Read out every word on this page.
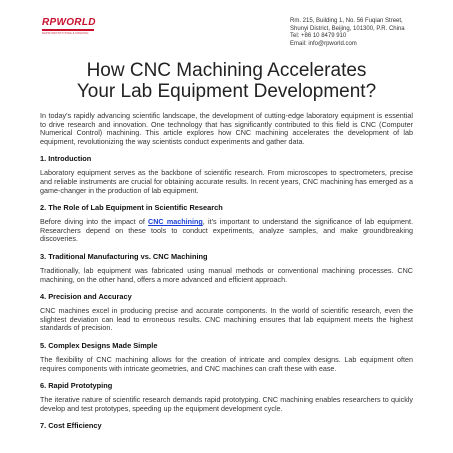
RPWORLD
RAPID PROTOTYPING & MOLDING
Rm. 215, Building 1, No. 56 Fuqian Street,
Shunyi District, Beijing, 101300, P.R. China
Tel: +86 10 8479 910
Email: info@rpworld.com
How CNC Machining Accelerates
Your Lab Equipment Development?

In today's rapidly advancing scientific landscape, the development of cutting-edge laboratory equipment is essential to drive research and innovation. One technology that has significantly contributed to this field is CNC (Computer Numerical Control) machining. This article explores how CNC machining accelerates the development of lab equipment, revolutionizing the way scientists conduct experiments and gather data.

1. Introduction

Laboratory equipment serves as the backbone of scientific research. From microscopes to spectrometers, precise and reliable instruments are crucial for obtaining accurate results. In recent years, CNC machining has emerged as a game-changer in the production of lab equipment.

2. The Role of Lab Equipment in Scientific Research

Before diving into the impact of CNC machining, it's important to understand the significance of lab equipment. Researchers depend on these tools to conduct experiments, analyze samples, and make groundbreaking discoveries.

3. Traditional Manufacturing vs. CNC Machining

Traditionally, lab equipment was fabricated using manual methods or conventional machining processes. CNC machining, on the other hand, offers a more advanced and efficient approach.

4. Precision and Accuracy

CNC machines excel in producing precise and accurate components. In the world of scientific research, even the slightest deviation can lead to erroneous results. CNC machining ensures that lab equipment meets the highest standards of precision.

5. Complex Designs Made Simple

The flexibility of CNC machining allows for the creation of intricate and complex designs. Lab equipment often requires components with intricate geometries, and CNC machines can craft these with ease.

6. Rapid Prototyping

The iterative nature of scientific research demands rapid prototyping. CNC machining enables researchers to quickly develop and test prototypes, speeding up the equipment development cycle.

7. Cost Efficiency
